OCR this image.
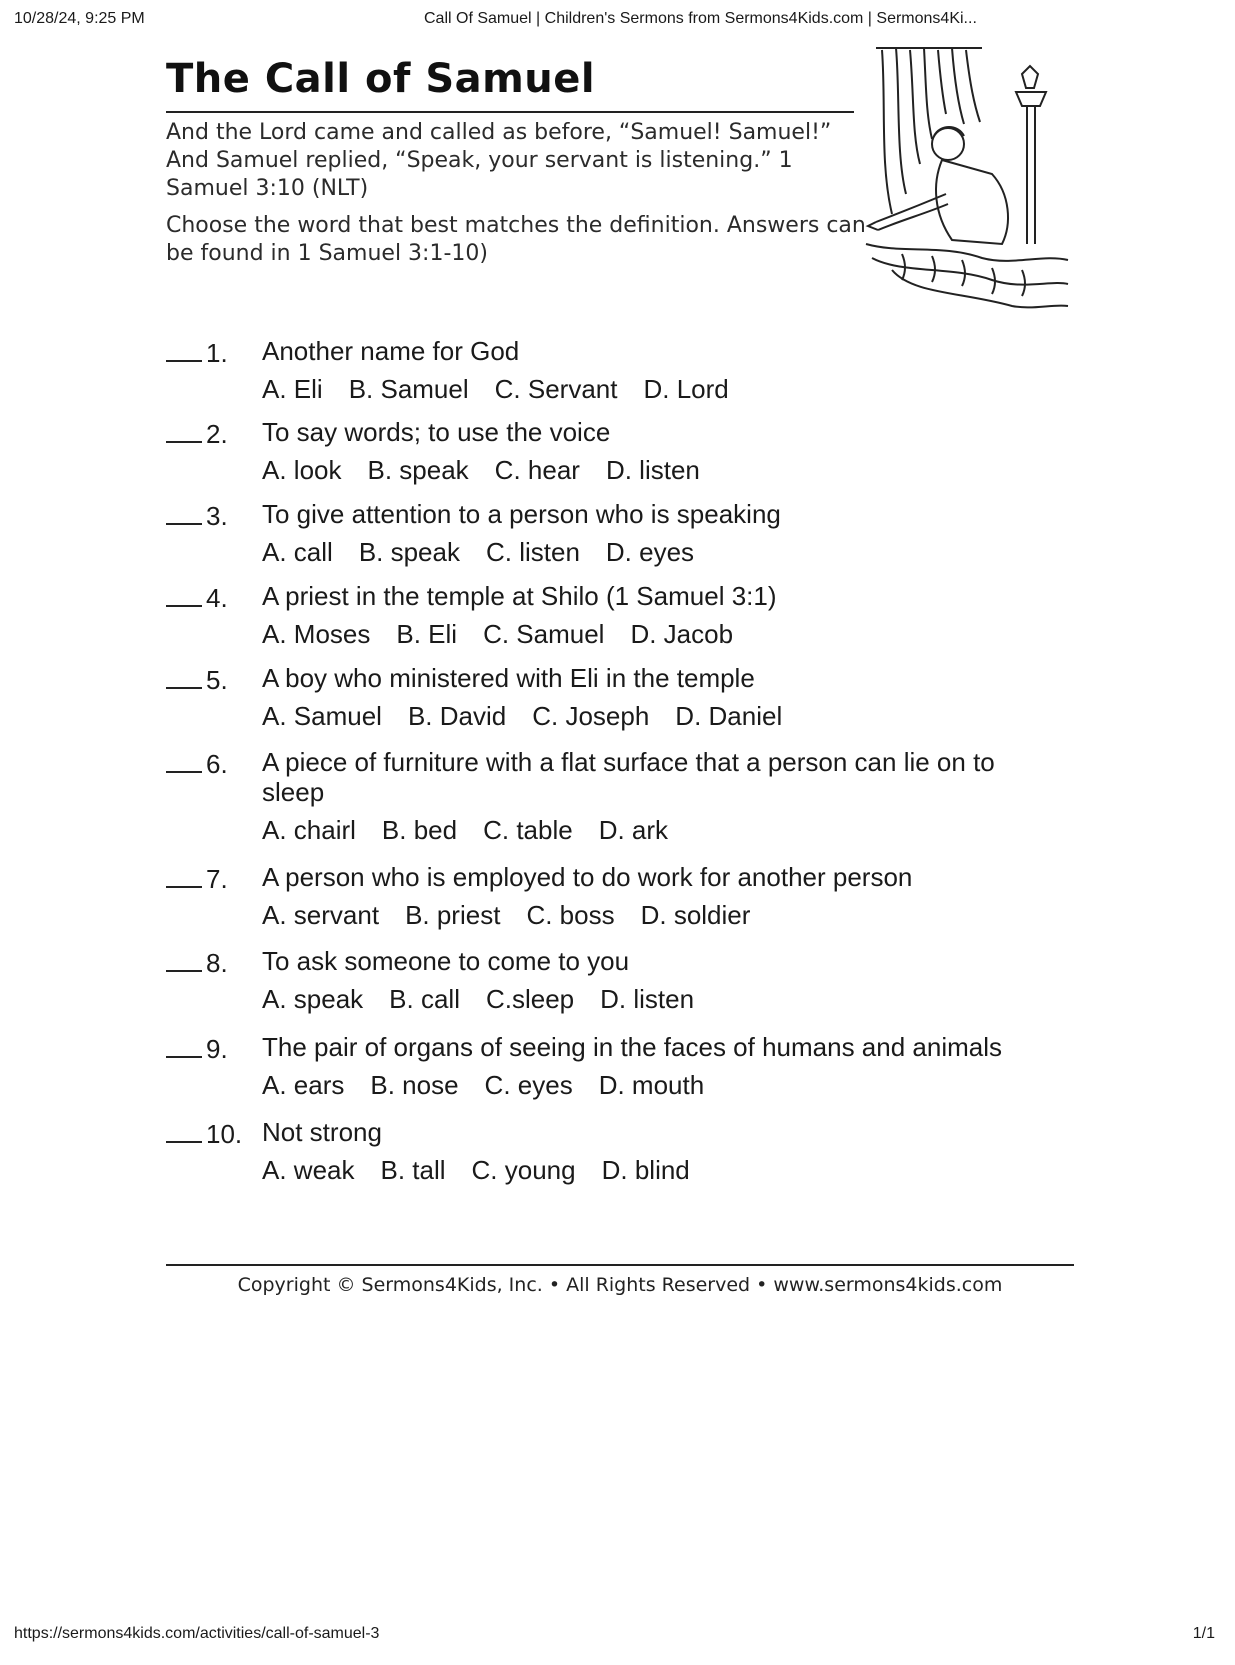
10/28/24, 9:25 PM	Call Of Samuel | Children's Sermons from Sermons4Kids.com | Sermons4Ki...
The Call of Samuel

And the Lord came and called as before, “Samuel! Samuel!” And Samuel replied, “Speak, your servant is listening.” 1 Samuel 3:10 (NLT)

Choose the word that best matches the definition. Answers can be found in 1 Samuel 3:1-10)

1. Another name for God
A. Eli B. Samuel C. Servant D. Lord
2. To say words; to use the voice
A. look B. speak C. hear D. listen
3. To give attention to a person who is speaking
A. call B. speak C. listen D. eyes
4. A priest in the temple at Shilo (1 Samuel 3:1)
A. Moses B. Eli C. Samuel D. Jacob
5. A boy who ministered with Eli in the temple
A. Samuel B. David C. Joseph D. Daniel
6. A piece of furniture with a flat surface that a person can lie on to sleep
A. chairl B. bed C. table D. ark
7. A person who is employed to do work for another person
A. servant B. priest C. boss D. soldier
8. To ask someone to come to you
A. speak B. call C.sleep D. listen
9. The pair of organs of seeing in the faces of humans and animals
A. ears B. nose C. eyes D. mouth
10. Not strong
A. weak B. tall C. young D. blind
Copyright © Sermons4Kids, Inc. • All Rights Reserved • www.sermons4kids.com
https://sermons4kids.com/activities/call-of-samuel-3	1/1
